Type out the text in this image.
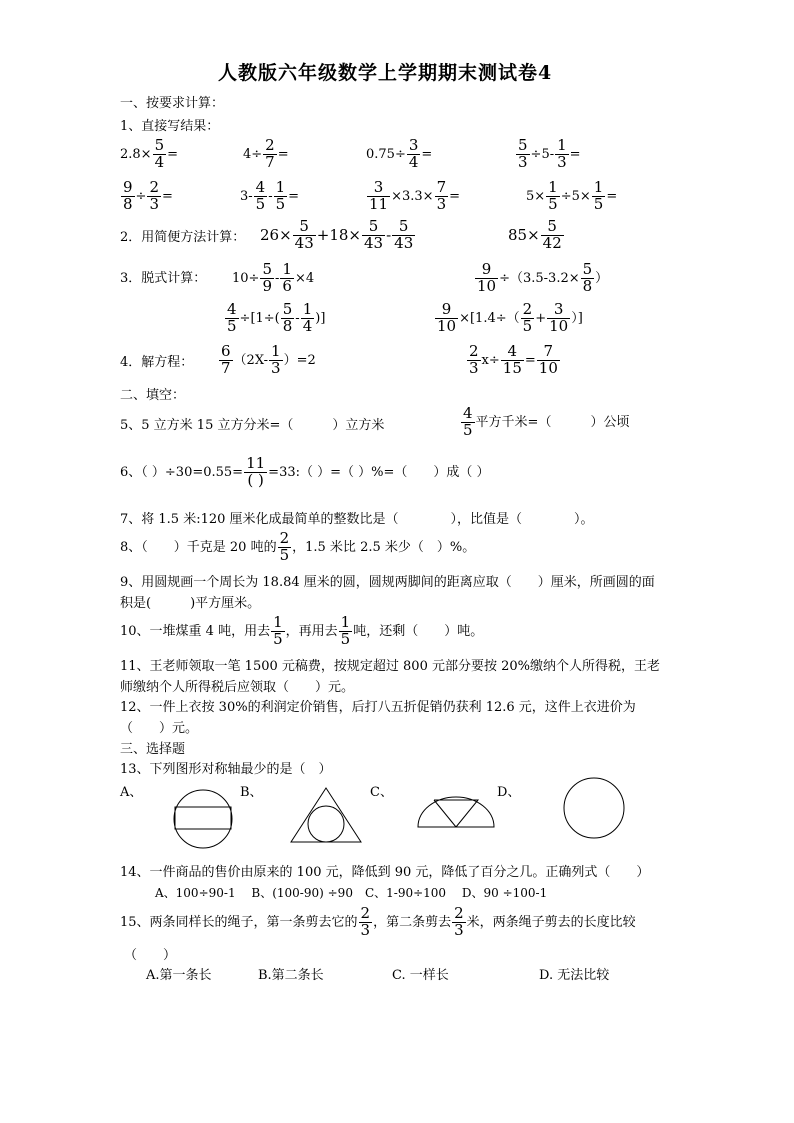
人教版六年级数学上学期期末测试卷4
一、按要求计算：
1、直接写结果：
$2.8\times \frac{5}{4}$ =	$4\div \frac{2}{7}$ =	$0.75\div \frac{3}{4}$ =	$\frac{5}{3} \div 5- \frac{1}{3}$ =
$\frac{9}{8} \div \frac{2}{3}$ =	$3- \frac{4}{5} - \frac{1}{5}$ =	$\frac{3}{11} \times 3.3\times \frac{7}{3}$ =	$5\times \frac{1}{5} \div 5\times \frac{1}{5}$ =
2．用简便方法计算： $26\times \frac{5}{43} +18\times \frac{5}{43} - \frac{5}{43}$	$85\times \frac{5}{42}$
3．脱式计算： $10\div \frac{5}{9} - \frac{1}{6} \times 4$	$\frac{9}{10} \div(3.5-3.2\times \frac{5}{8}$ ）
$\frac{4}{5} \div[1\div( \frac{5}{8} - \frac{1}{4}$ )]	$\frac{9}{10} \times[1.4\div( \frac{2}{5} + \frac{3}{10}$ ）]
4．解方程： $\frac{6}{7} (2X- \frac{1}{3} )=2$	$\frac{2}{3} x\div \frac{4}{15} = \frac{7}{10}$
二、填空：
5、5 立方米 15 立方分米=（　　　）立方米	$\frac{4}{5}$ 平方千米=（　　　）公顷
6、（ ）$\div 30=0.55= \frac{11}{( )}$ =33:（ ）=（ ）%=（　　）成（ ）
7、将 1.5 米:120 厘米化成最简单的整数比是（　　　　），比值是（　　　　）。
8、（　　）千克是 20 吨的 $\frac{2}{5}$ ，1.5 米比 2.5 米少（　）%。
9、用圆规画一个周长为 18.84 厘米的圆，圆规两脚间的距离应取（　　）厘米，所画圆的面
积是(　　　)平方厘米。
10、一堆煤重 4 吨，用去 $\frac{1}{5}$ ，再用去 $\frac{1}{5}$ 吨，还剩（　　）吨。
11、王老师领取一笔 1500 元稿费，按规定超过 800 元部分要按 20%缴纳个人所得税，王老
师缴纳个人所得税后应领取（　　）元。
12、一件上衣按 30%的利润定价销售，后打八五折促销仍获利 12.6 元，这件上衣进价为
（　　）元。
三、选择题
13、下列图形对称轴最少的是（　）
A、	B、	C、	D、
14、一件商品的售价由原来的 100 元，降低到 90 元，降低了百分之几。正确列式（　　）
A、100÷90-1　 B、(100-90) ÷90　C、1-90÷100　 D、90 ÷100-1
15、两条同样长的绳子，第一条剪去它的 $\frac{2}{3}$ ，第二条剪去 $\frac{2}{3}$ 米，两条绳子剪去的长度比较
（　　）
A.第一条长	B.第二条长	C. 一样长	D. 无法比较
